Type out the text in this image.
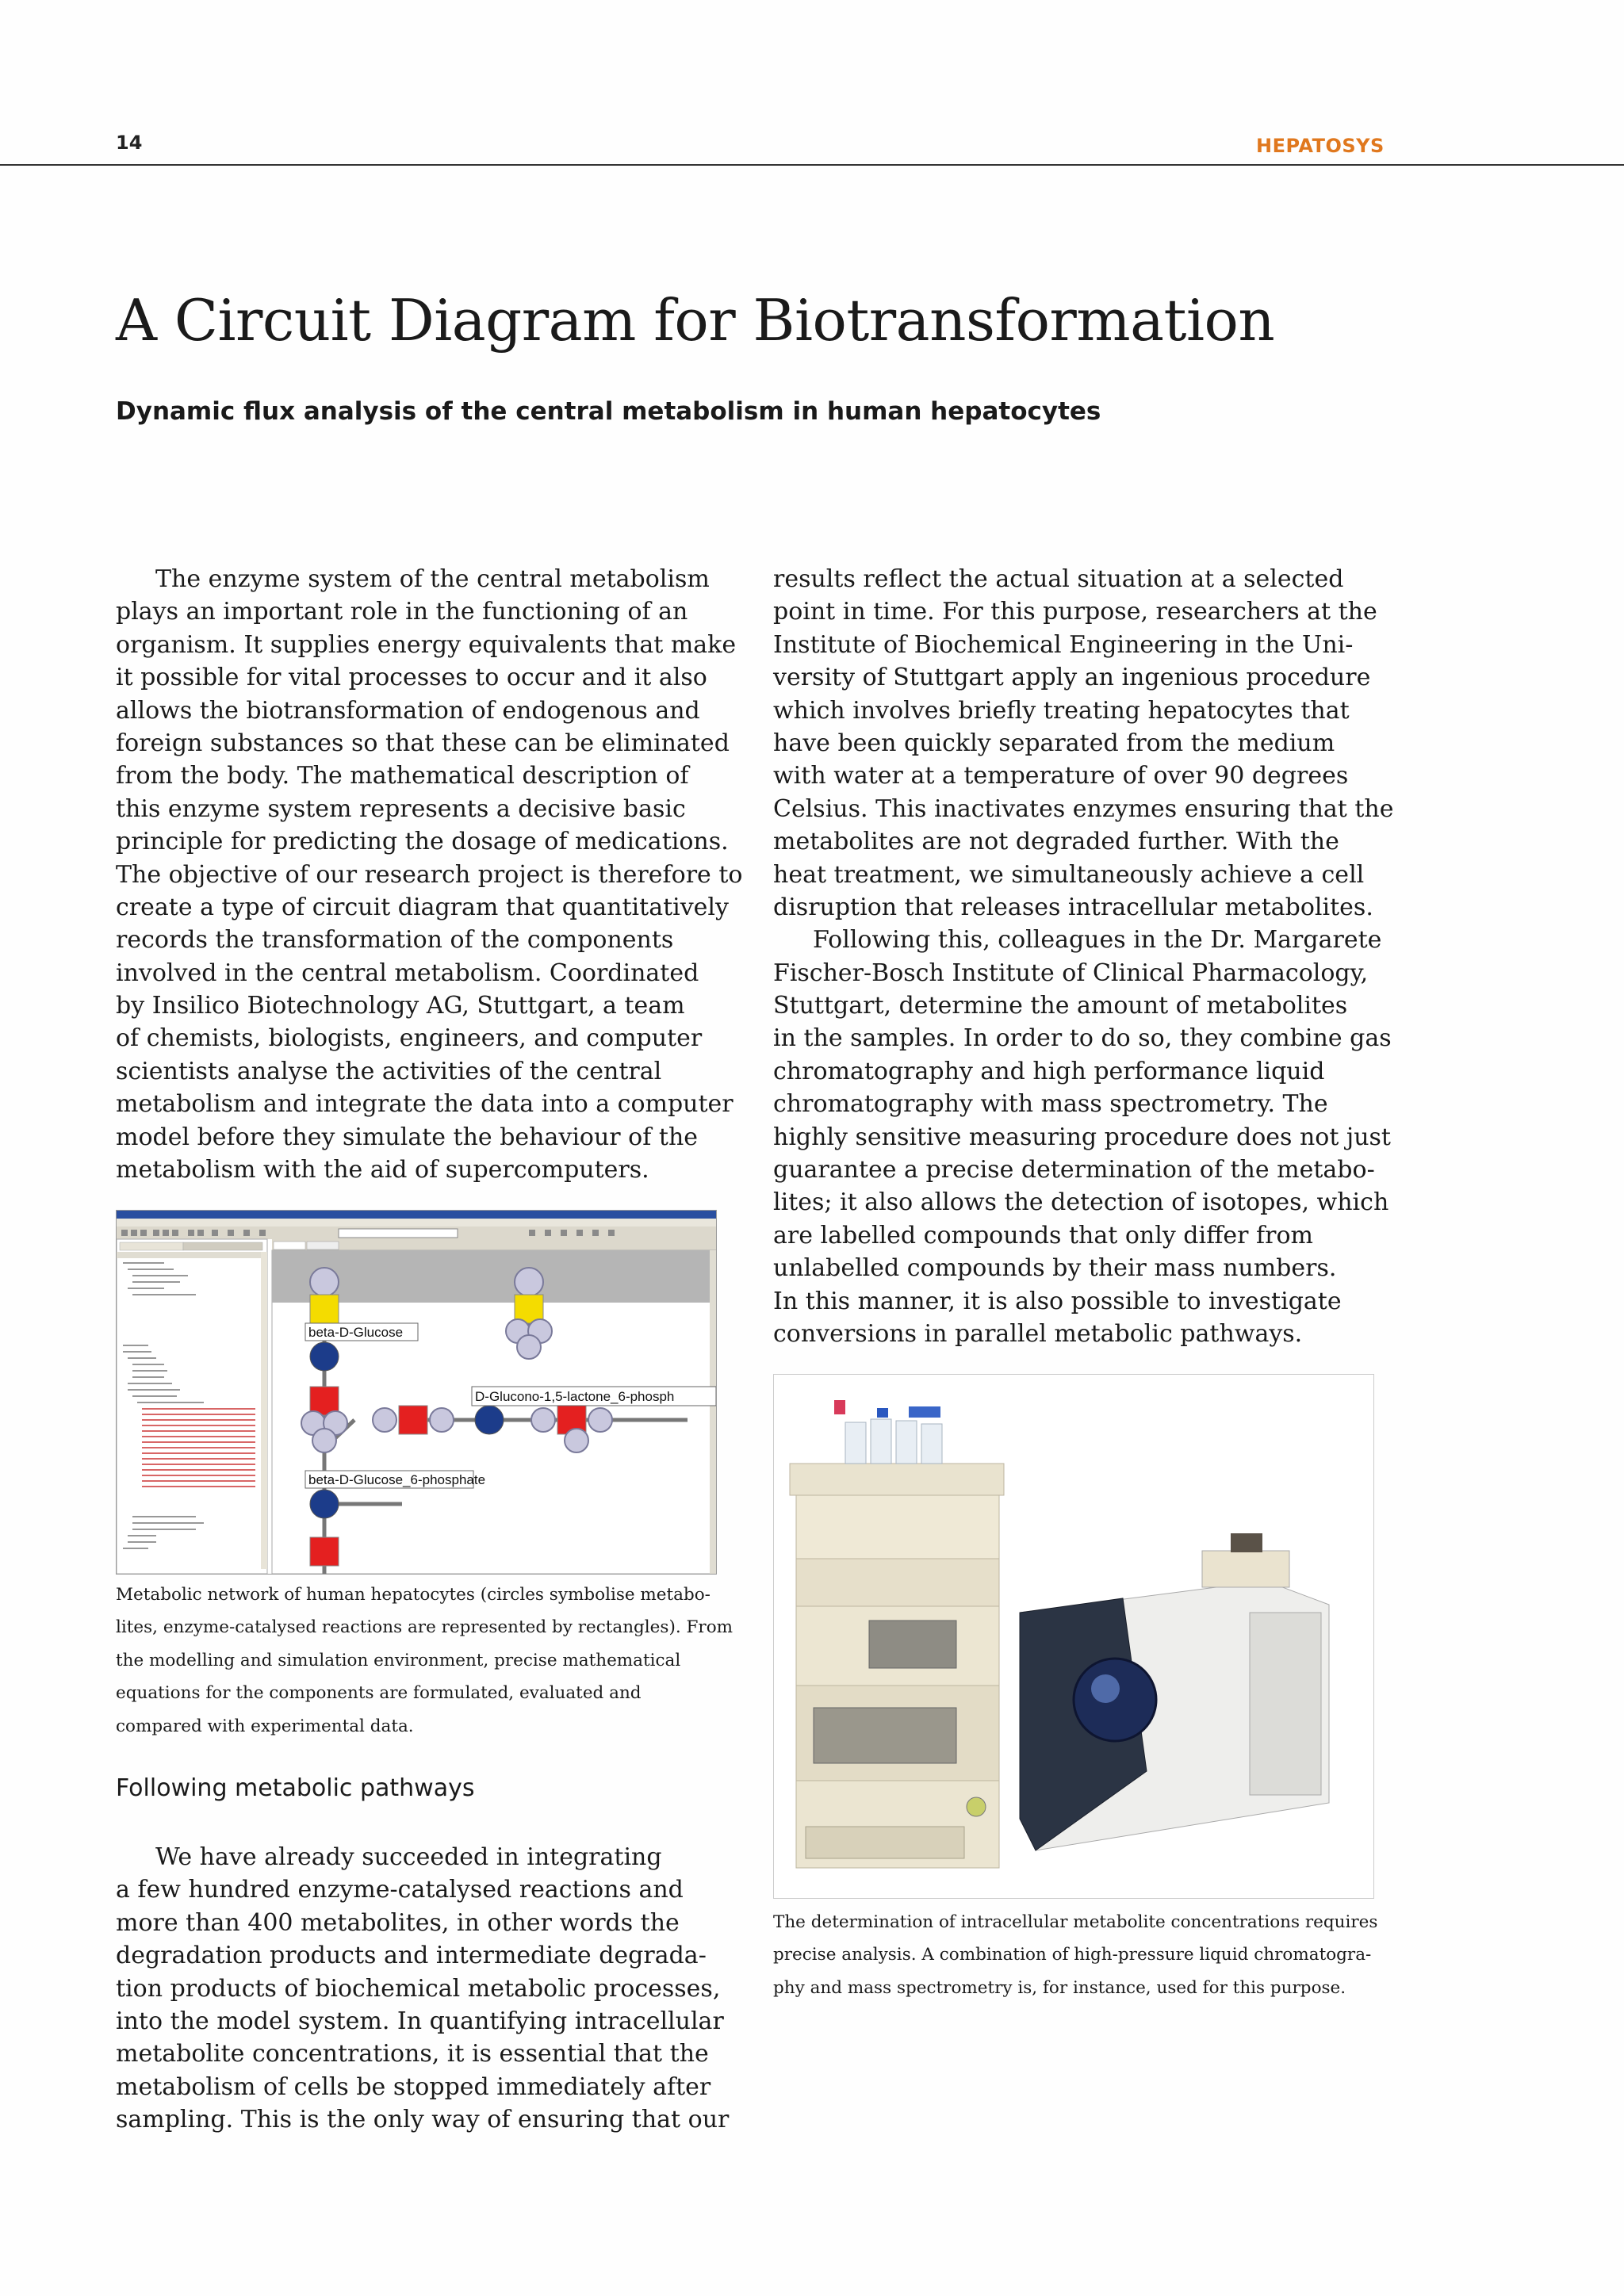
14	HEPATOSYS
A Circuit Diagram for Biotransformation
Dynamic flux analysis of the central metabolism in human hepatocytes
The enzyme system of the central metabolism
plays an important role in the functioning of an
organism. It supplies energy equivalents that make
it possible for vital processes to occur and it also
allows the biotransformation of endogenous and
foreign substances so that these can be eliminated
from the body. The mathematical description of
this enzyme system represents a decisive basic
principle for predicting the dosage of medications.
The objective of our research project is therefore to
create a type of circuit diagram that quantitatively
records the transformation of the components
involved in the central metabolism. Coordinated
by Insilico Biotechnology AG, Stuttgart, a team
of chemists, biologists, engineers, and computer
scientists analyse the activities of the central
metabolism and integrate the data into a computer
model before they simulate the behaviour of the
metabolism with the aid of supercomputers.
beta-D-Glucose
D-Glucono-1,5-lactone_6-phosph
beta-D-Glucose_6-phosphate
Metabolic network of human hepatocytes (circles symbolise metabo-
lites, enzyme-catalysed reactions are represented by rectangles). From
the modelling and simulation environment, precise mathematical
equations for the components are formulated, evaluated and
compared with experimental data.
Following metabolic pathways
We have already succeeded in integrating
a few hundred enzyme-catalysed reactions and
more than 400 metabolites, in other words the
degradation products and intermediate degrada-
tion products of biochemical metabolic processes,
into the model system. In quantifying intracellular
metabolite concentrations, it is essential that the
metabolism of cells be stopped immediately after
sampling. This is the only way of ensuring that our
results reflect the actual situation at a selected
point in time. For this purpose, researchers at the
Institute of Biochemical Engineering in the Uni-
versity of Stuttgart apply an ingenious procedure
which involves briefly treating hepatocytes that
have been quickly separated from the medium
with water at a temperature of over 90 degrees
Celsius. This inactivates enzymes ensuring that the
metabolites are not degraded further. With the
heat treatment, we simultaneously achieve a cell
disruption that releases intracellular metabolites.
Following this, colleagues in the Dr. Margarete
Fischer-Bosch Institute of Clinical Pharmacology,
Stuttgart, determine the amount of metabolites
in the samples. In order to do so, they combine gas
chromatography and high performance liquid
chromatography with mass spectrometry. The
highly sensitive measuring procedure does not just
guarantee a precise determination of the metabo-
lites; it also allows the detection of isotopes, which
are labelled compounds that only differ from
unlabelled compounds by their mass numbers.
In this manner, it is also possible to investigate
conversions in parallel metabolic pathways.
The determination of intracellular metabolite concentrations requires
precise analysis. A combination of high-pressure liquid chromatogra-
phy and mass spectrometry is, for instance, used for this purpose.
